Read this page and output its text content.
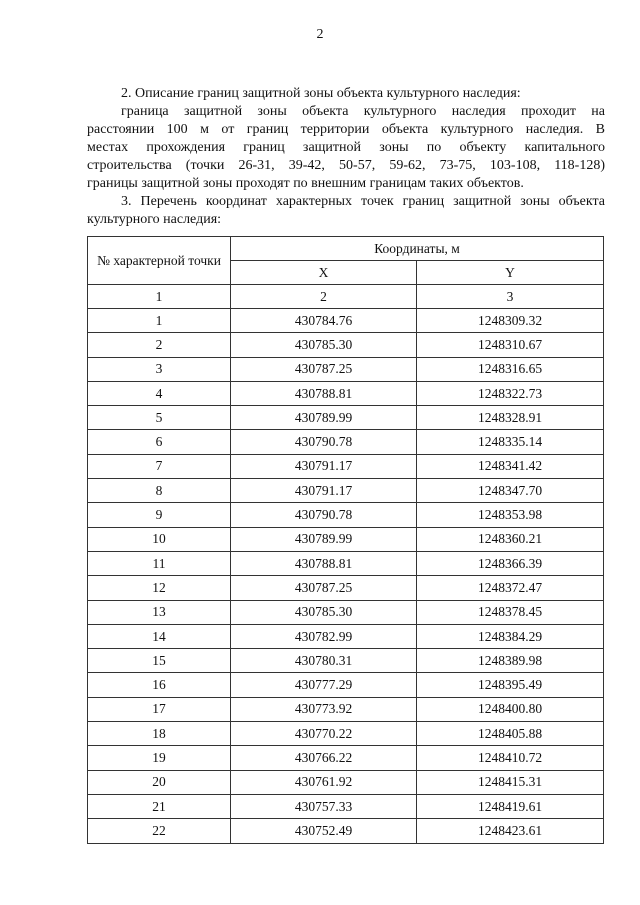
2

2. Описание границ защитной зоны объекта культурного наследия:

граница защитной зоны объекта культурного наследия проходит на

расстоянии 100 м от границ территории объекта культурного наследия. В

местах прохождения границ защитной зоны по объекту капитального

строительства (точки 26-31, 39-42, 50-57, 59-62, 73-75, 103-108, 118-128)

границы защитной зоны проходят по внешним границам таких объектов.

3. Перечень координат характерных точек границ защитной зоны объекта

культурного наследия:

№ характерной точки	Координаты, м	
	X	Y
1	2	3
1	430784.76	1248309.32
2	430785.30	1248310.67
3	430787.25	1248316.65
4	430788.81	1248322.73
5	430789.99	1248328.91
6	430790.78	1248335.14
7	430791.17	1248341.42
8	430791.17	1248347.70
9	430790.78	1248353.98
10	430789.99	1248360.21
11	430788.81	1248366.39
12	430787.25	1248372.47
13	430785.30	1248378.45
14	430782.99	1248384.29
15	430780.31	1248389.98
16	430777.29	1248395.49
17	430773.92	1248400.80
18	430770.22	1248405.88
19	430766.22	1248410.72
20	430761.92	1248415.31
21	430757.33	1248419.61
22	430752.49	1248423.61
